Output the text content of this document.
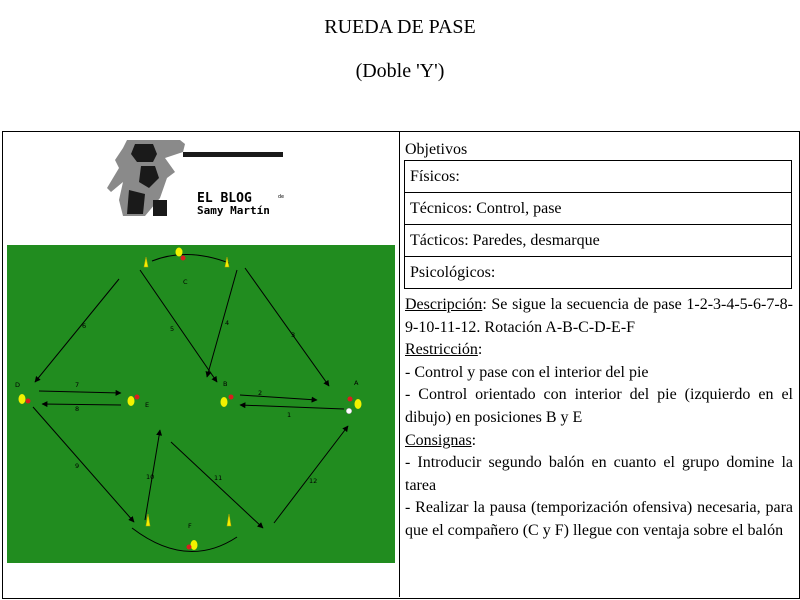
RUEDA DE PASE
(Doble 'Y')
EL BLOG	de
Samy Martín
A
B
C
D
E
F
1
2
3
4
5
6
7
8
9
10	11	12
Objetivos
Físicos:
Técnicos: Control, pase
Tácticos: Paredes, desmarque
Psicológicos:

Descripción: Se sigue la secuencia de pase 1-2-3-4-5-6-7-8-9-10-11-12. Rotación A-B-C-D-E-F

Restricción:

- Control y pase con el interior del pie

- Control orientado con interior del pie (izquierdo en el dibujo) en posiciones B y E

Consignas:

- Introducir segundo balón en cuanto el grupo domine la tarea

- Realizar la pausa (temporización ofensiva) necesaria, para que el compañero (C y F) llegue con ventaja sobre el balón
